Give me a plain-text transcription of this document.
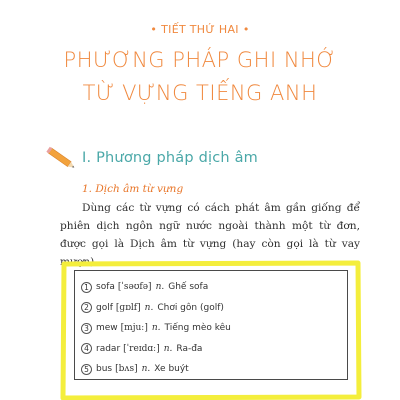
• TIẾT THỨ HAI •
PHƯƠNG PHÁP GHI NHỚ
TỪ VỰNG TIẾNG ANH
I. Phương pháp dịch âm
1. Dịch âm từ vựng

Dùng các từ vựng có cách phát âm gần giống để phiên dịch ngôn ngữ nước ngoài thành một từ đơn, được gọi là Dịch âm từ vựng (hay còn gọi là từ vay mượn).

1 sofa [ˈsəʊfə] n. Ghế sofa
2 golf [ɡɒlf] n. Chơi gôn (golf)
3 mew [mjuː] n. Tiếng mèo kêu
4 radar [ˈreɪdɑː] n. Ra-đa
5 bus [bʌs] n. Xe buýt
